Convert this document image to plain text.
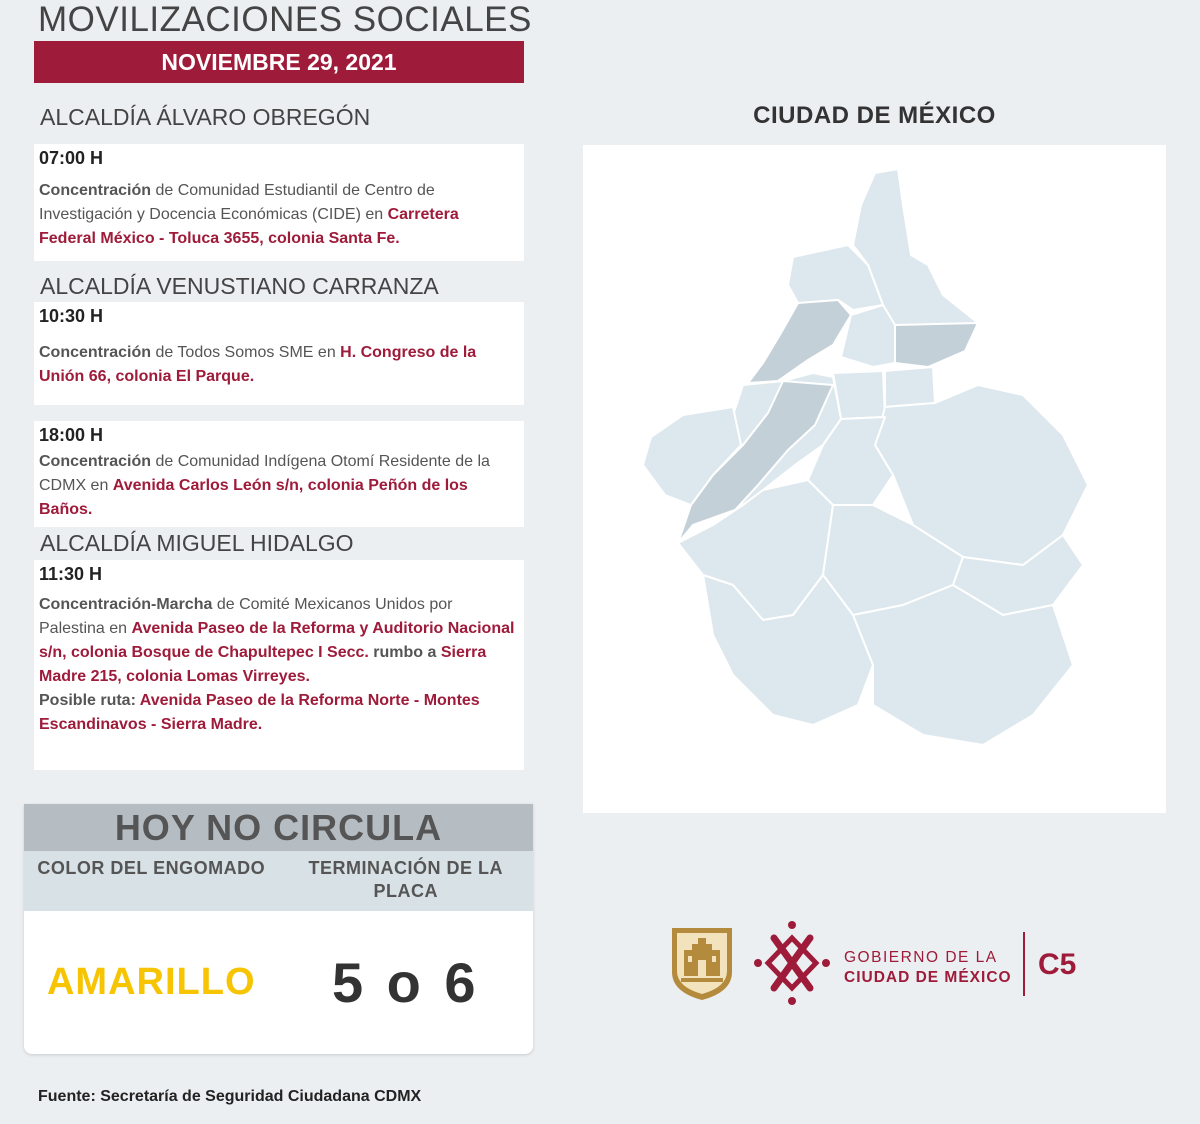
MOVILIZACIONES SOCIALES
NOVIEMBRE 29, 2021
ALCALDÍA ÁLVARO OBREGÓN
07:00 H
Concentración de Comunidad Estudiantil de Centro de Investigación y Docencia Económicas (CIDE) en Carretera Federal México - Toluca 3655, colonia Santa Fe.
ALCALDÍA VENUSTIANO CARRANZA
10:30 H
Concentración de Todos Somos SME en H. Congreso de la Unión 66, colonia El Parque.
18:00 H
Concentración de Comunidad Indígena Otomí Residente de la CDMX en Avenida Carlos León s/n, colonia Peñón de los Baños.
ALCALDÍA MIGUEL HIDALGO
11:30 H
Concentración-Marcha de Comité Mexicanos Unidos por Palestina en Avenida Paseo de la Reforma y Auditorio Nacional s/n, colonia Bosque de Chapultepec I Secc. rumbo a Sierra Madre 215, colonia Lomas Virreyes.
Posible ruta: Avenida Paseo de la Reforma Norte - Montes Escandinavos - Sierra Madre.
CIUDAD DE MÉXICO
HOY NO CIRCULA
COLOR DEL ENGOMADO	TERMINACIÓN DE LA PLACA
AMARILLO	5 o 6	GOBIERNO DE LA
CIUDAD DE MÉXICO C5
Fuente: Secretaría de Seguridad Ciudadana CDMX
